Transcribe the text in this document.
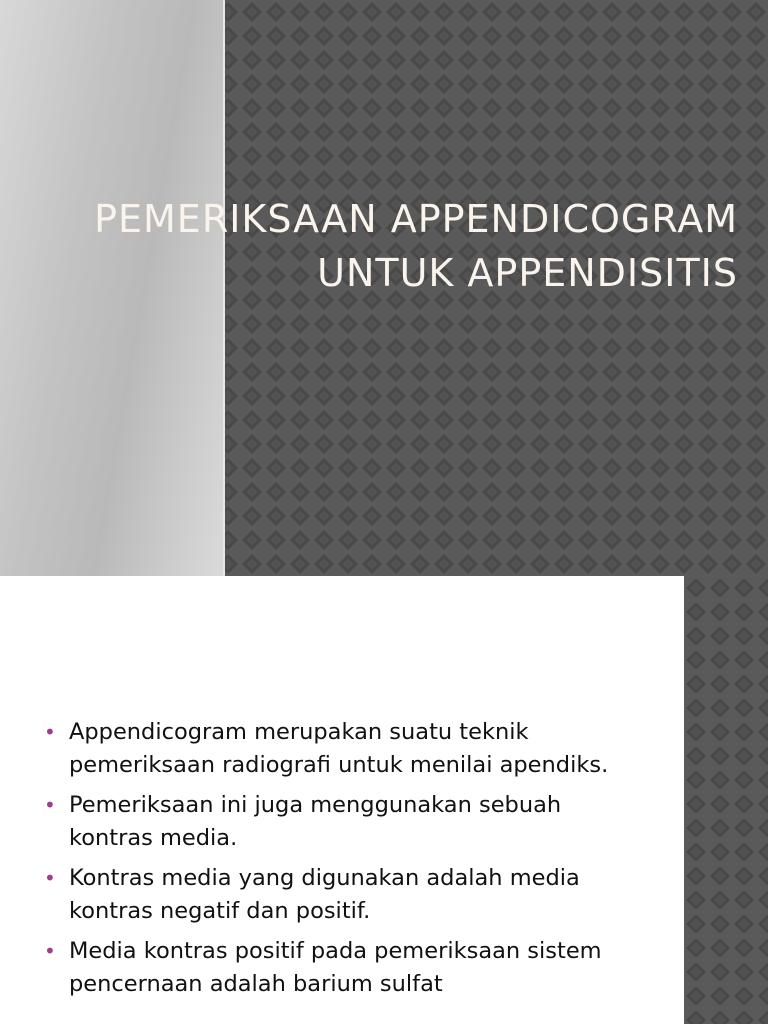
PEMERIKSAAN APPENDICOGRAM
UNTUK APPENDISITIS
• Appendicogram merupakan suatu teknik pemeriksaan radiografi untuk menilai apendiks.
• Pemeriksaan ini juga menggunakan sebuah kontras media.
• Kontras media yang digunakan adalah media kontras negatif dan positif.
• Media kontras positif pada pemeriksaan sistem pencernaan adalah barium sulfat
